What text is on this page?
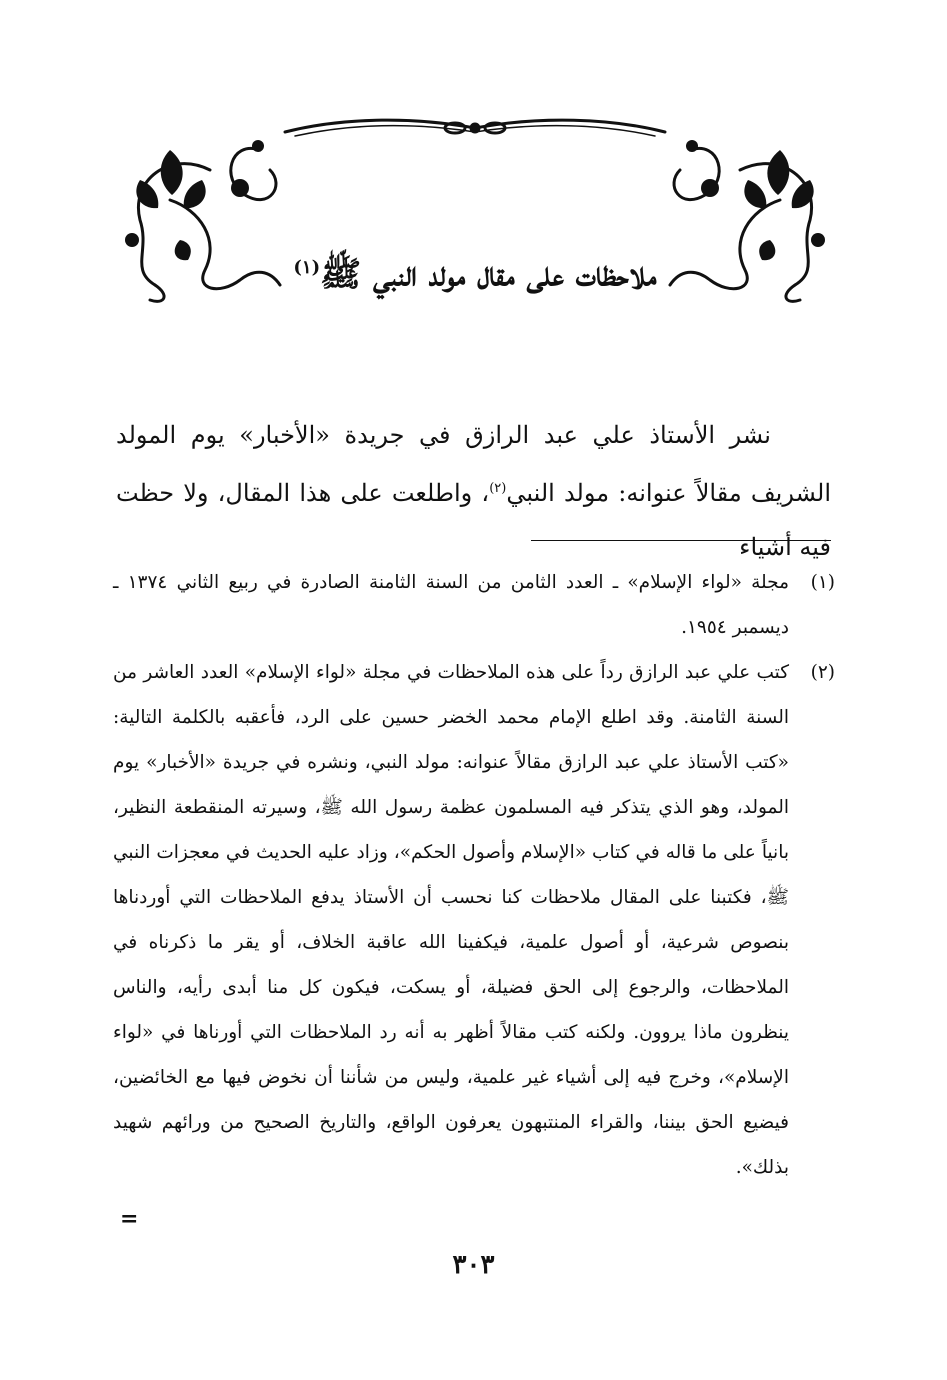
ملاحظات على مقال مولد النبي ﷺ$^{(١)}$

نشر الأستاذ علي عبد الرازق في جريدة «الأخبار» يوم المولد الشريف مقالاً عنوانه: مولد النبي$^{(٢)}$، واطلعت على هذا المقال، ولا حظت فيه أشياء

(١)
مجلة «لواء الإسلام» ـ العدد الثامن من السنة الثامنة الصادرة في ربيع الثاني ١٣٧٤ ـ ديسمبر ١٩٥٤.
(٢)
كتب علي عبد الرازق رداً على هذه الملاحظات في مجلة «لواء الإسلام» العدد العاشر من السنة الثامنة. وقد اطلع الإمام محمد الخضر حسين على الرد، فأعقبه بالكلمة التالية: «كتب الأستاذ علي عبد الرازق مقالاً عنوانه: مولد النبي، ونشره في جريدة «الأخبار» يوم المولد، وهو الذي يتذكر فيه المسلمون عظمة رسول الله ﷺ، وسيرته المنقطعة النظير، بانياً على ما قاله في كتاب «الإسلام وأصول الحكم»، وزاد عليه الحديث في معجزات النبي ﷺ، فكتبنا على المقال ملاحظات كنا نحسب أن الأستاذ يدفع الملاحظات التي أوردناها بنصوص شرعية، أو أصول علمية، فيكفينا الله عاقبة الخلاف، أو يقر ما ذكرناه في الملاحظات، والرجوع إلى الحق فضيلة، أو يسكت، فيكون كل منا أبدى رأيه، والناس ينظرون ماذا يروون. ولكنه كتب مقالاً أظهر به أنه رد الملاحظات التي أورناها في «لواء الإسلام»، وخرج فيه إلى أشياء غير علمية، وليس من شأننا أن نخوض فيها مع الخائضين، فيضيع الحق بيننا، والقراء المنتبهون يعرفون الواقع، والتاريخ الصحيح من ورائهم شهيد بذلك».
=
٣٠٣
